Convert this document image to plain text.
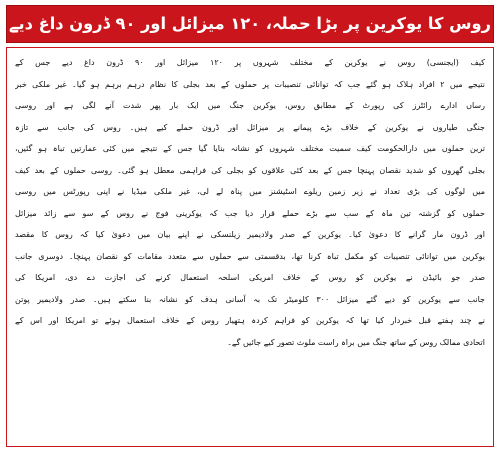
روس کا یوکرین پر بڑا حملہ، ۱۲۰ میزائل اور ۹۰ ڈرون داغ دیے
کیف (ایجنسی) روس نے یوکرین کے مختلف شہروں پر ۱۲۰ میزائل اور ۹۰ ڈرون داغ دیے جس کے
نتیجے میں ۲ افراد ہلاک ہو گئے جب کہ توانائی تنصیبات پر حملوں کے بعد بجلی کا نظام درہم برہم ہو گیا۔ غیر ملکی خبر
رساں ادارے رائٹرز کی رپورٹ کے مطابق روس، یوکرین جنگ میں ایک بار پھر شدت آنے لگی ہے اور روسی
جنگی طیاروں نے یوکرین کے خلاف بڑے پیمانے پر میزائل اور ڈرون حملے کیے ہیں۔ روس کی جانب سے تازہ
ترین حملوں میں دارالحکومت کیف سمیت مختلف شہروں کو نشانہ بنایا گیا جس کے نتیجے میں کئی عمارتیں تباہ ہو گئیں،
بجلی گھروں کو شدید نقصان پہنچا جس کے بعد کئی علاقوں کو بجلی کی فراہمی معطل ہو گئی۔ روسی حملوں کے بعد کیف
میں لوگوں کی بڑی تعداد نے زیر زمین ریلوے اسٹیشنز میں پناہ لے لی، غیر ملکی میڈیا نے اپنی رپورٹس میں روسی
حملوں کو گزشتہ تین ماہ کے سب سے بڑے حملے قرار دیا جب کہ یوکرینی فوج نے روس کے سو سے زائد میزائل
اور ڈرون مار گرانے کا دعویٰ کیا۔ یوکرین کے صدر ولادیمیر زیلنسکی نے اپنے بیان میں دعویٰ کیا کہ روس کا مقصد
یوکرین میں توانائی تنصیبات کو مکمل تباہ کرنا تھا، بدقسمتی سے حملوں سے متعدد مقامات کو نقصان پہنچا۔ دوسری جانب
صدر جو بائیڈن نے یوکرین کو روس کے خلاف امریکی اسلحہ استعمال کرنے کی اجازت دے دی، امریکا کی
جانب سے یوکرین کو دیے گئے میزائل ۳۰۰ کلومیٹر تک بہ آسانی ہدف کو نشانہ بنا سکتے ہیں۔ صدر ولادیمیر پوتن
نے چند ہفتے قبل خبردار کیا تھا کہ یوکرین کو فراہم کردہ ہتھیار روس کے خلاف استعمال ہوئے تو امریکا اور اس کے
اتحادی ممالک روس کے ساتھ جنگ میں براہ راست ملوث تصور کیے جائیں گے۔
